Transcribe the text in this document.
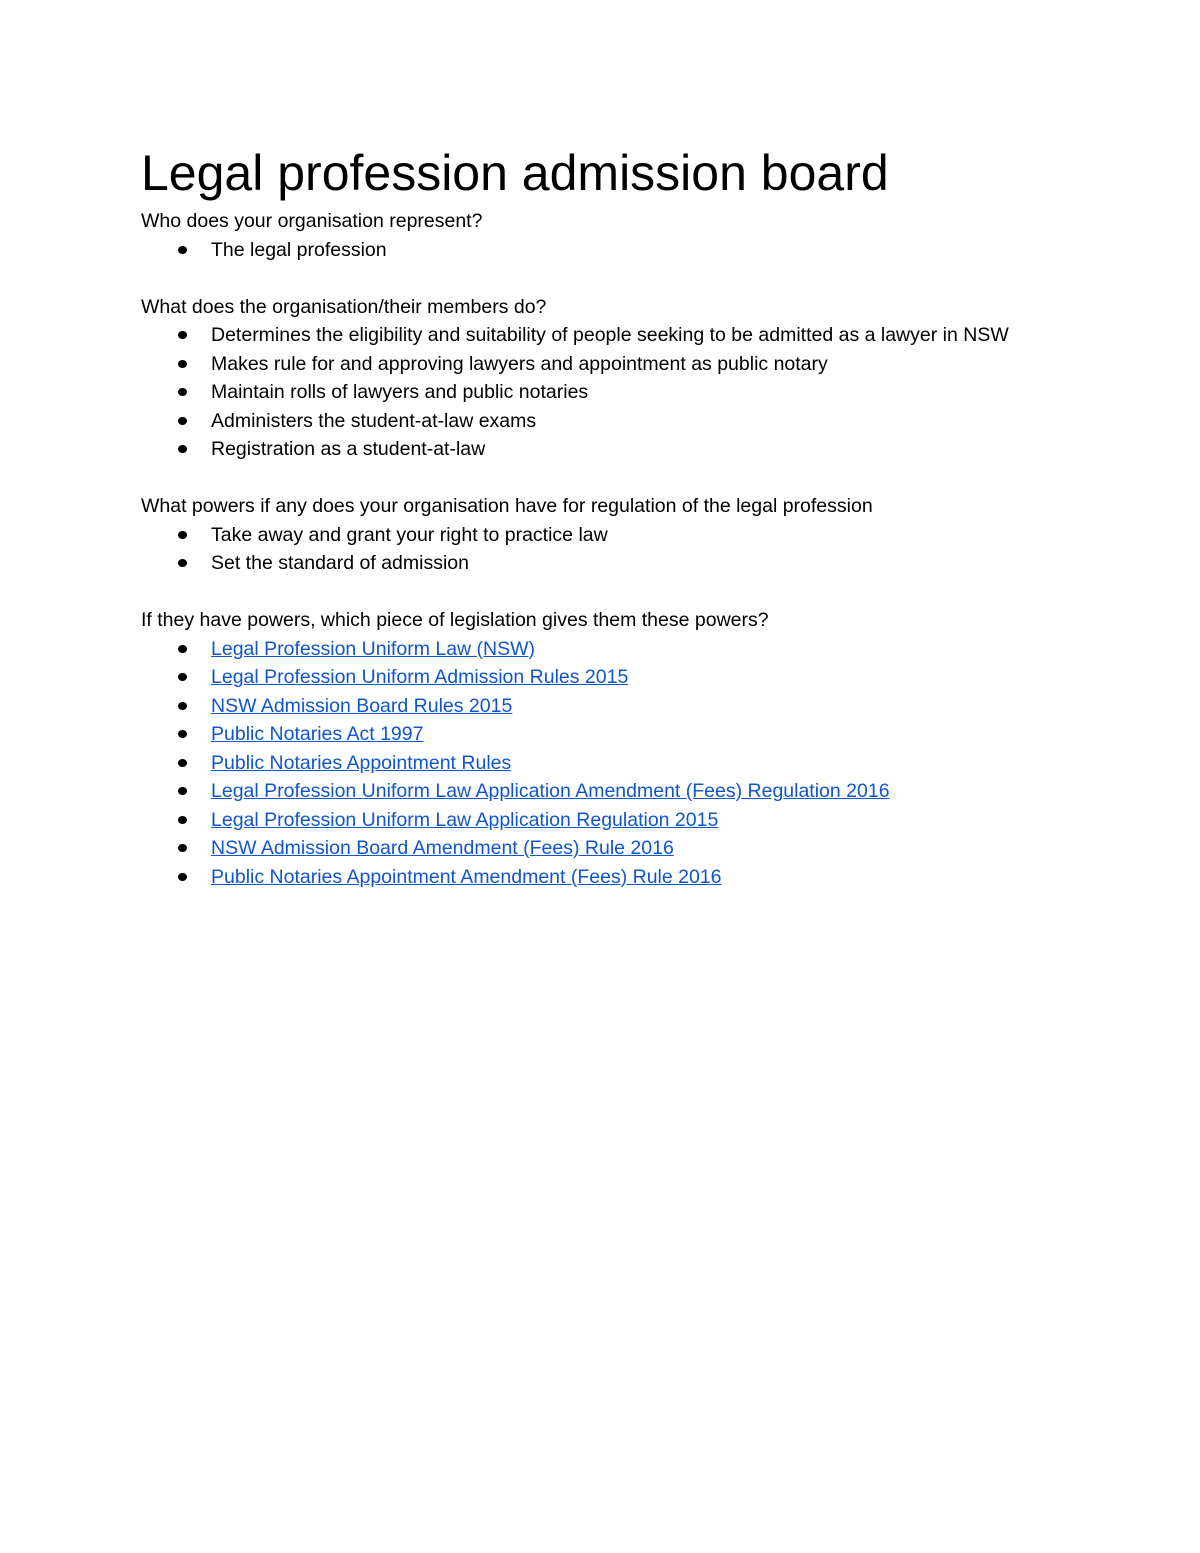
Legal profession admission board

Who does your organisation represent?

The legal profession

What does the organisation/their members do?

Determines the eligibility and suitability of people seeking to be admitted as a lawyer in NSW
Makes rule for and approving lawyers and appointment as public notary
Maintain rolls of lawyers and public notaries
Administers the student-at-law exams
Registration as a student-at-law

What powers if any does your organisation have for regulation of the legal profession

Take away and grant your right to practice law
Set the standard of admission

If they have powers, which piece of legislation gives them these powers?

Legal Profession Uniform Law (NSW)
Legal Profession Uniform Admission Rules 2015
NSW Admission Board Rules 2015
Public Notaries Act 1997
Public Notaries Appointment Rules
Legal Profession Uniform Law Application Amendment (Fees) Regulation 2016
Legal Profession Uniform Law Application Regulation 2015
NSW Admission Board Amendment (Fees) Rule 2016
Public Notaries Appointment Amendment (Fees) Rule 2016
